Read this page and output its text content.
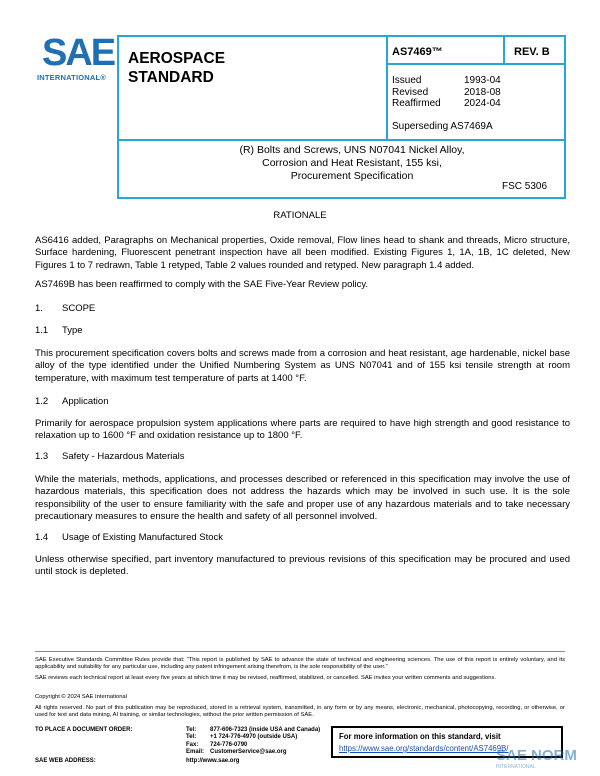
SAE
INTERNATIONAL®
AEROSPACE
STANDARD
AS7469™	REV. B
Issued	1993-04
Revised	2018-08
Reaffirmed 2024-04
Superseding AS7469A
(R) Bolts and Screws, UNS N07041 Nickel Alloy,
Corrosion and Heat Resistant, 155 ksi,
Procurement Specification
FSC 5306
RATIONALE
AS6416 added, Paragraphs on Mechanical properties, Oxide removal, Flow lines head to shank and threads, Micro structure, Surface hardening, Fluorescent penetrant inspection have all been modified. Existing Figures 1, 1A, 1B, 1C deleted, New Figures 1 to 7 redrawn, Table 1 retyped, Table 2 values rounded and retyped. New paragraph 1.4 added.
AS7469B has been reaffirmed to comply with the SAE Five-Year Review policy.
1. SCOPE
1.1 Type
This procurement specification covers bolts and screws made from a corrosion and heat resistant, age hardenable, nickel base alloy of the type identified under the Unified Numbering System as UNS N07041 and of 155 ksi tensile strength at room temperature, with maximum test temperature of parts at 1400 °F.
1.2 Application
Primarily for aerospace propulsion system applications where parts are required to have high strength and good resistance to relaxation up to 1600 °F and oxidation resistance up to 1800 °F.
1.3 Safety - Hazardous Materials
While the materials, methods, applications, and processes described or referenced in this specification may involve the use of hazardous materials, this specification does not address the hazards which may be involved in such use. It is the sole responsibility of the user to ensure familiarity with the safe and proper use of any hazardous materials and to take necessary precautionary measures to ensure the health and safety of all personnel involved.
1.4 Usage of Existing Manufactured Stock
Unless otherwise specified, part inventory manufactured to previous revisions of this specification may be procured and used until stock is depleted.
SAE Executive Standards Committee Rules provide that: “This report is published by SAE to advance the state of technical and engineering sciences. The use of this report is entirely voluntary, and its applicability and suitability for any particular use, including any patent infringement arising therefrom, is the sole responsibility of the user.”
SAE reviews each technical report at least every five years at which time it may be revised, reaffirmed, stabilized, or cancelled. SAE invites your written comments and suggestions.
Copyright © 2024 SAE International
All rights reserved. No part of this publication may be reproduced, stored in a retrieval system, transmitted, in any form or by any means, electronic, mechanical, photocopying, recording, or otherwise, or used for text and data mining, AI training, or similar technologies, without the prior written permission of SAE.
TO PLACE A DOCUMENT ORDER:	Tel: 877-606-7323 (inside USA and Canada)
Tel: +1 724-776-4970 (outside USA)
Fax: 724-776-0790
Email: CustomerService@sae.org
SAE WEB ADDRESS:	http://www.sae.org
For more information on this standard, visit
https://www.sae.org/standards/content/AS7469B/
SAE NORM
INTERNATIONAL
